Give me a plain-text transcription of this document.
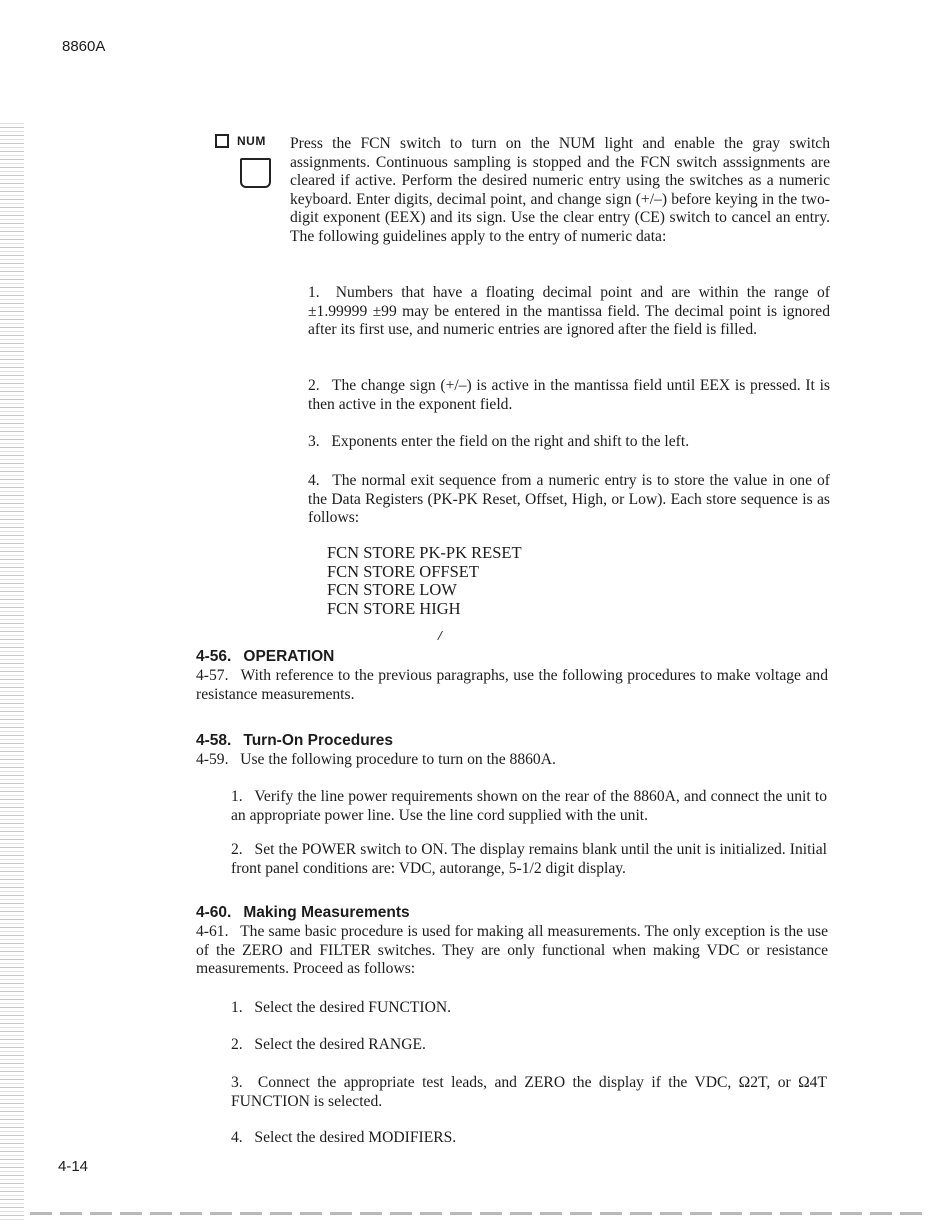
8860A
NUM Press the FCN switch to turn on the NUM light and enable the gray switch assignments. Continuous sampling is stopped and the FCN switch asssignments are cleared if active. Perform the desired numeric entry using the switches as a numeric keyboard. Enter digits, decimal point, and change sign (+/–) before keying in the two-digit exponent (EEX) and its sign. Use the clear entry (CE) switch to cancel an entry. The following guidelines apply to the entry of numeric data:

1.  Numbers that have a floating decimal point and are within the range of ±1.99999 ±99 may be entered in the mantissa field. The decimal point is ignored after its first use, and numeric entries are ignored after the field is filled.

2.  The change sign (+/–) is active in the mantissa field until EEX is pressed. It is then active in the exponent field.

3.  Exponents enter the field on the right and shift to the left.

4.  The normal exit sequence from a numeric entry is to store the value in one of the Data Registers (PK-PK Reset, Offset, High, or Low). Each store sequence is as follows:

FCN STORE PK-PK RESET
FCN STORE OFFSET
FCN STORE LOW
FCN STORE HIGH
/
4-56.  OPERATION

4-57.  With reference to the previous paragraphs, use the following procedures to make voltage and resistance measurements.

4-58.  Turn-On Procedures

4-59.  Use the following procedure to turn on the 8860A.

1.  Verify the line power requirements shown on the rear of the 8860A, and connect the unit to an appropriate power line. Use the line cord supplied with the unit.

2.  Set the POWER switch to ON. The display remains blank until the unit is initialized. Initial front panel conditions are: VDC, autorange, 5-1/2 digit display.

4-60.  Making Measurements

4-61.  The same basic procedure is used for making all measurements. The only exception is the use of the ZERO and FILTER switches. They are only functional when making VDC or resistance measurements. Proceed as follows:

1.  Select the desired FUNCTION.

2.  Select the desired RANGE.

3.  Connect the appropriate test leads, and ZERO the display if the VDC, Ω2T, or Ω4T FUNCTION is selected.

4.  Select the desired MODIFIERS.

4-14
